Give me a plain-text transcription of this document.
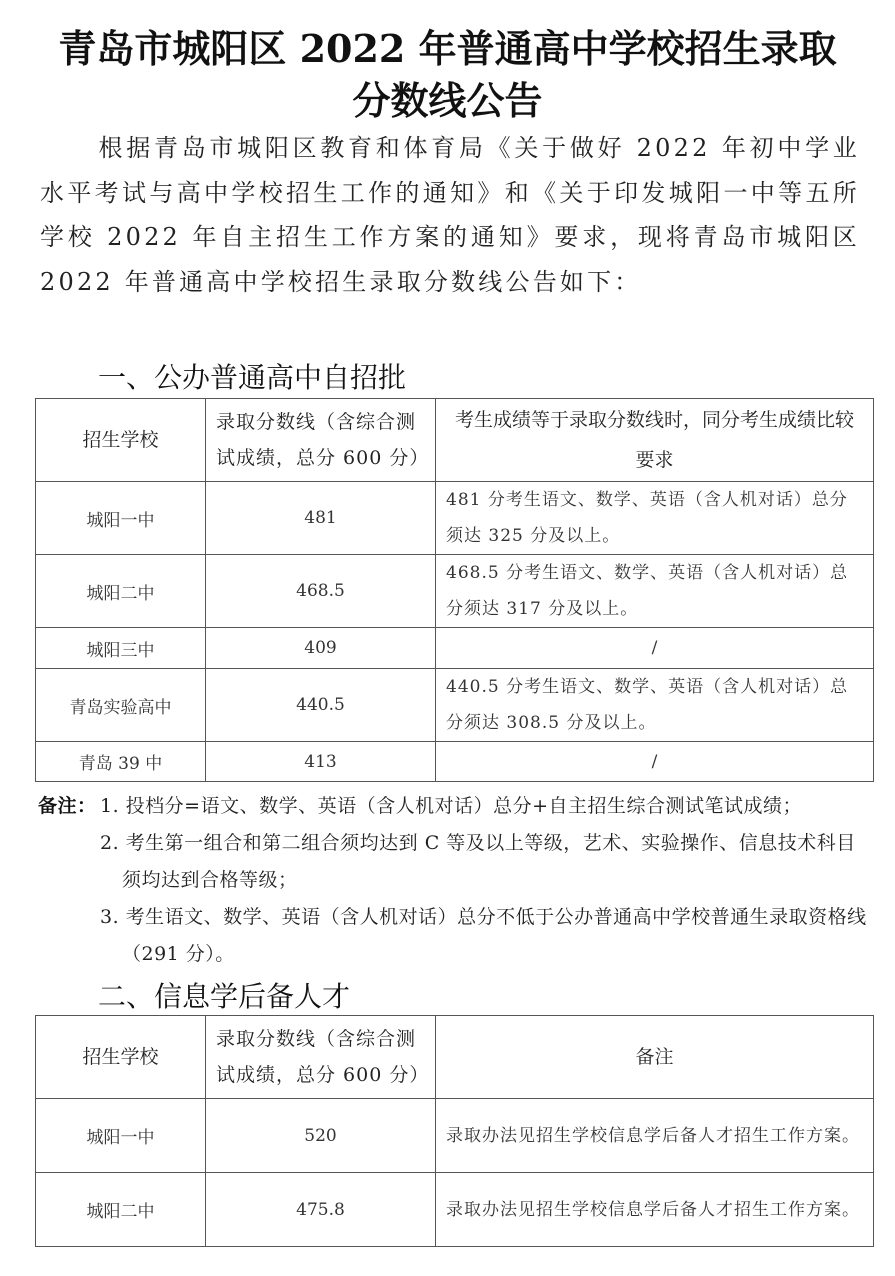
青岛市城阳区 2022 年普通高中学校招生录取
分数线公告
根据青岛市城阳区教育和体育局《关于做好 2022 年初中学业水平考试与高中学校招生工作的通知》和《关于印发城阳一中等五所学校 2022 年自主招生工作方案的通知》要求，现将青岛市城阳区 2022 年普通高中学校招生录取分数线公告如下：
一、公办普通高中自招批
招生学校	录取分数线（含综合测试成绩，总分 600 分）	考生成绩等于录取分数线时，同分考生成绩比较要求
城阳一中	481	481 分考生语文、数学、英语（含人机对话）总分须达 325 分及以上。
城阳二中	468.5	468.5 分考生语文、数学、英语（含人机对话）总分须达 317 分及以上。
城阳三中	409	/
青岛实验高中	440.5	440.5 分考生语文、数学、英语（含人机对话）总分须达 308.5 分及以上。
青岛 39 中	413	/
备注： 1. 投档分=语文、数学、英语（含人机对话）总分+自主招生综合测试笔试成绩；
2. 考生第一组合和第二组合须均达到 C 等及以上等级，艺术、实验操作、信息技术科目须均达到合格等级；
3. 考生语文、数学、英语（含人机对话）总分不低于公办普通高中学校普通生录取资格线（291 分）。
二、信息学后备人才
招生学校	录取分数线（含综合测试成绩，总分 600 分）	备注
城阳一中	520	录取办法见招生学校信息学后备人才招生工作方案。
城阳二中	475.8	录取办法见招生学校信息学后备人才招生工作方案。
